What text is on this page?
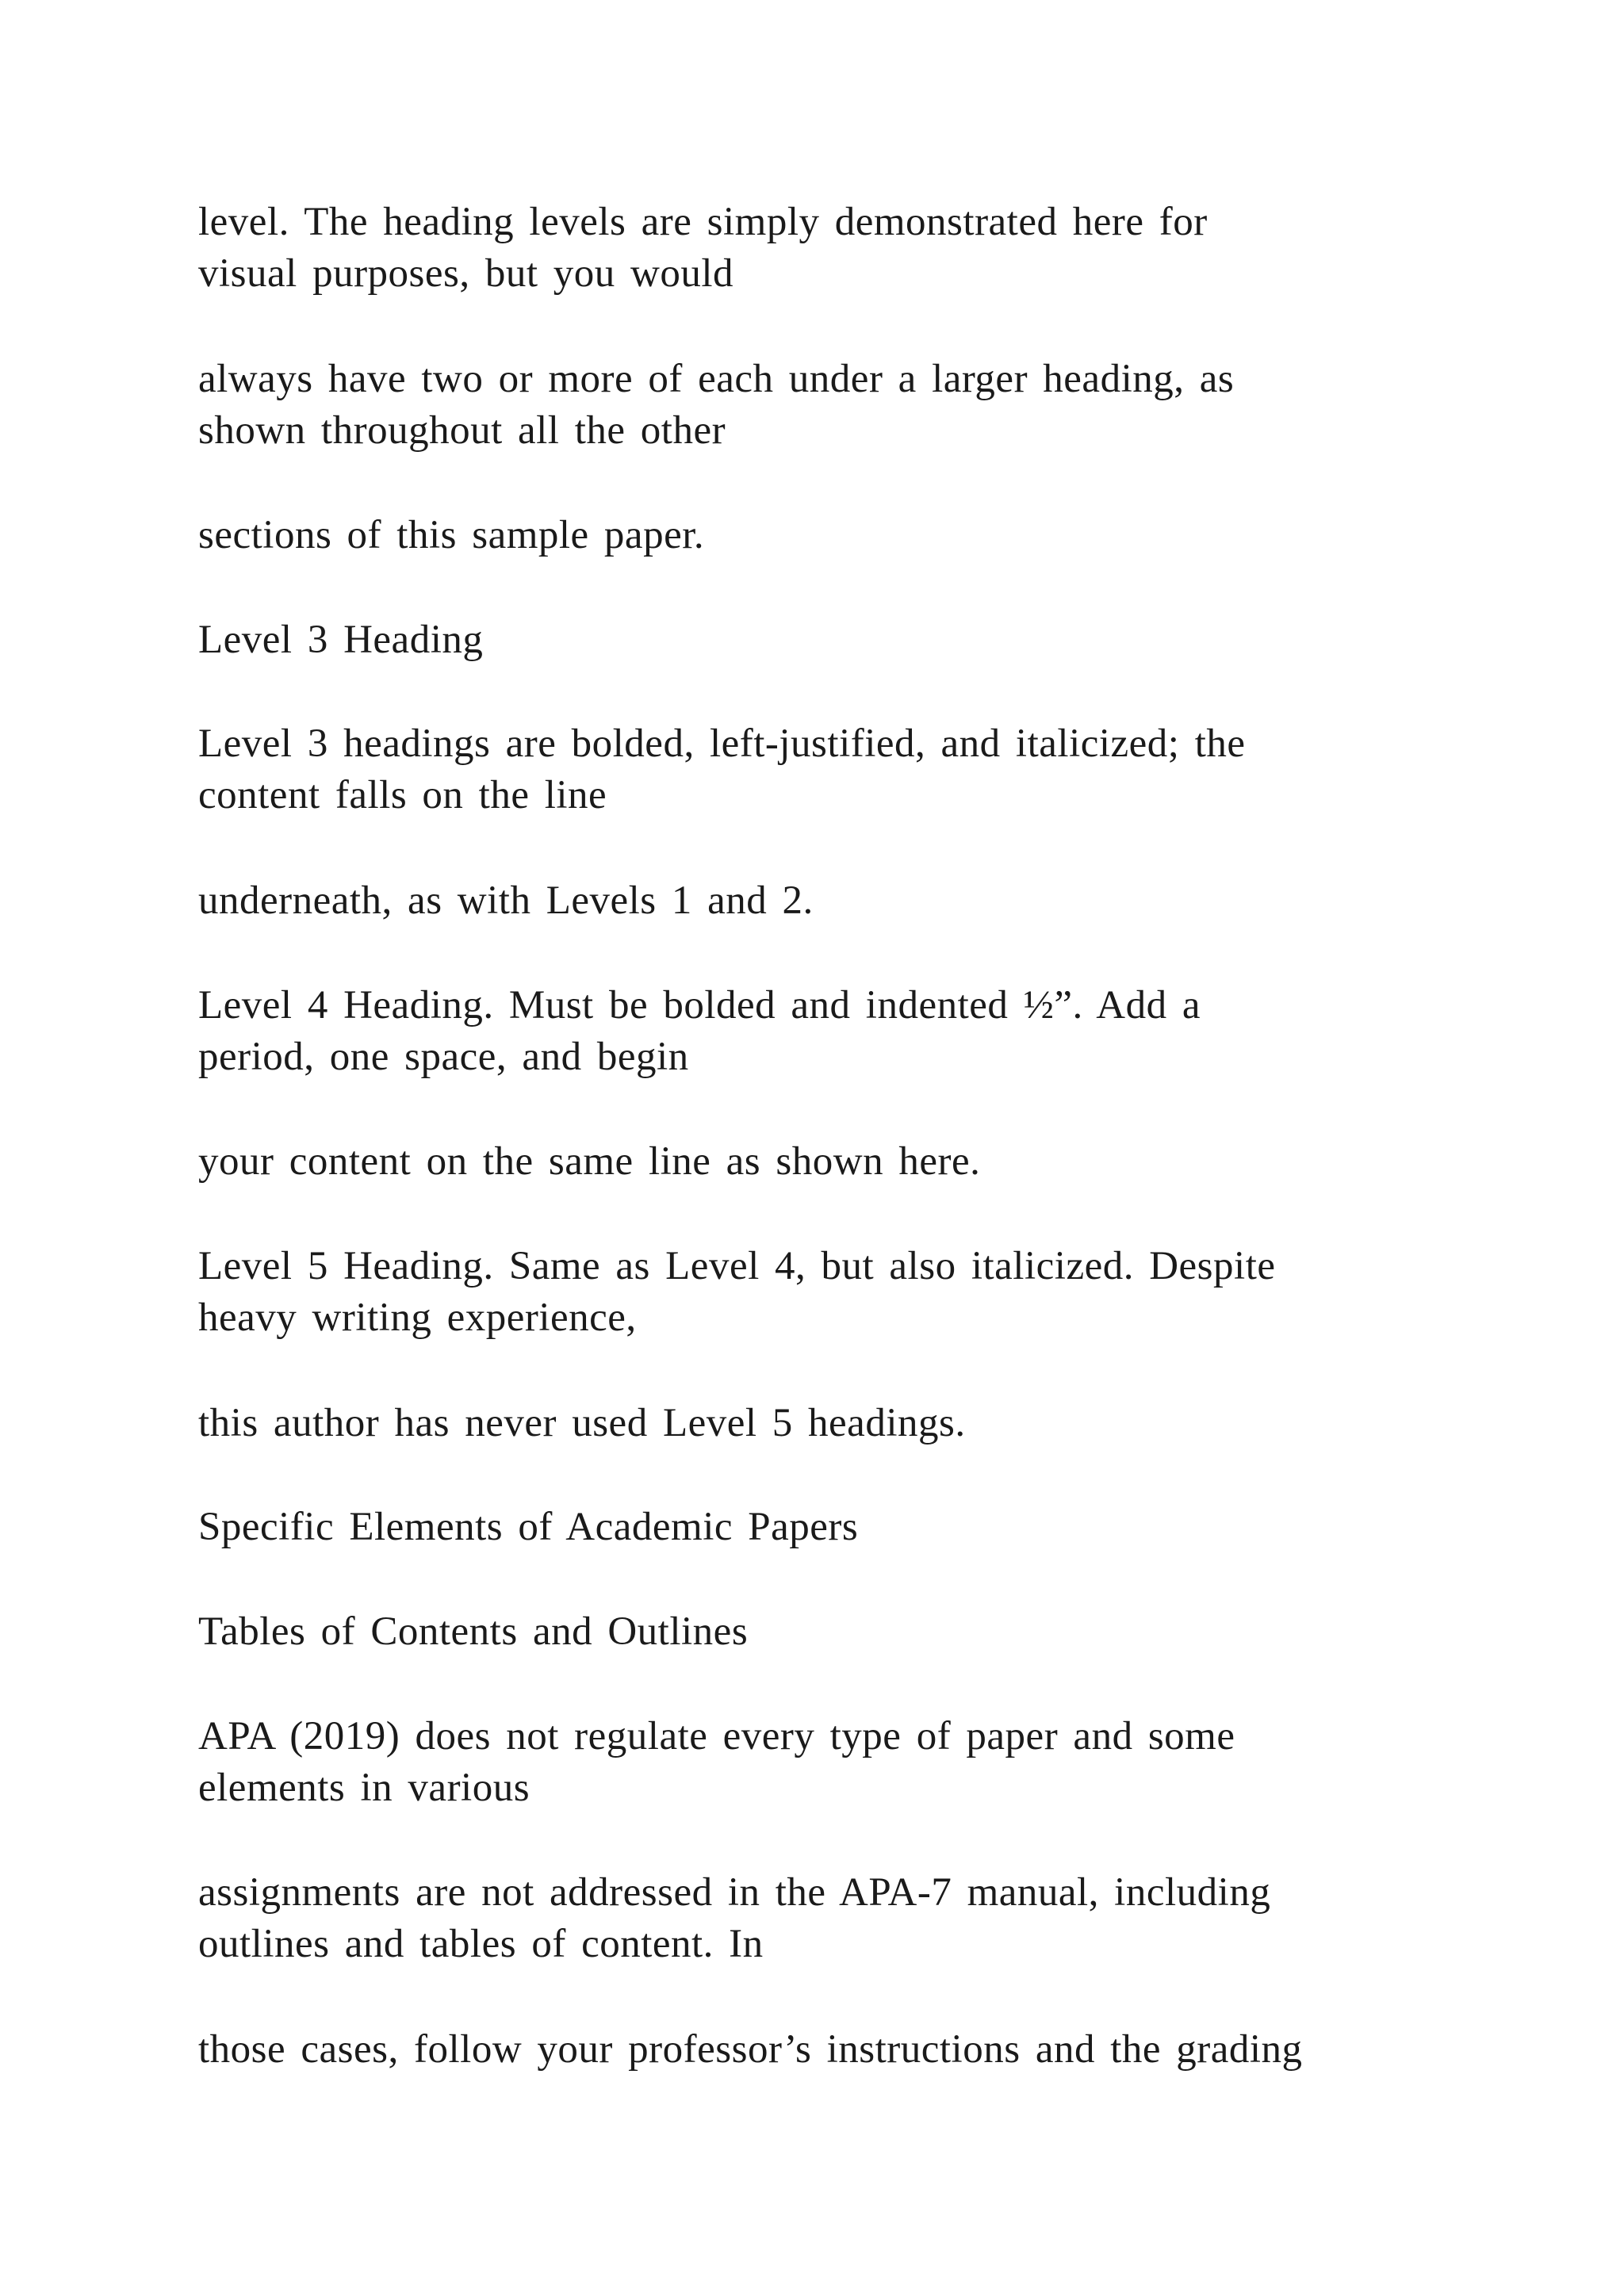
level. The heading levels are simply demonstrated here for
visual purposes, but you would

always have two or more of each under a larger heading, as
shown throughout all the other

sections of this sample paper.

Level 3 Heading

Level 3 headings are bolded, left-justified, and italicized; the
content falls on the line

underneath, as with Levels 1 and 2.

Level 4 Heading. Must be bolded and indented ½”. Add a
period, one space, and begin

your content on the same line as shown here.

Level 5 Heading. Same as Level 4, but also italicized. Despite
heavy writing experience,

this author has never used Level 5 headings.

Specific Elements of Academic Papers

Tables of Contents and Outlines

APA (2019) does not regulate every type of paper and some
elements in various

assignments are not addressed in the APA-7 manual, including
outlines and tables of content. In

those cases, follow your professor’s instructions and the grading
